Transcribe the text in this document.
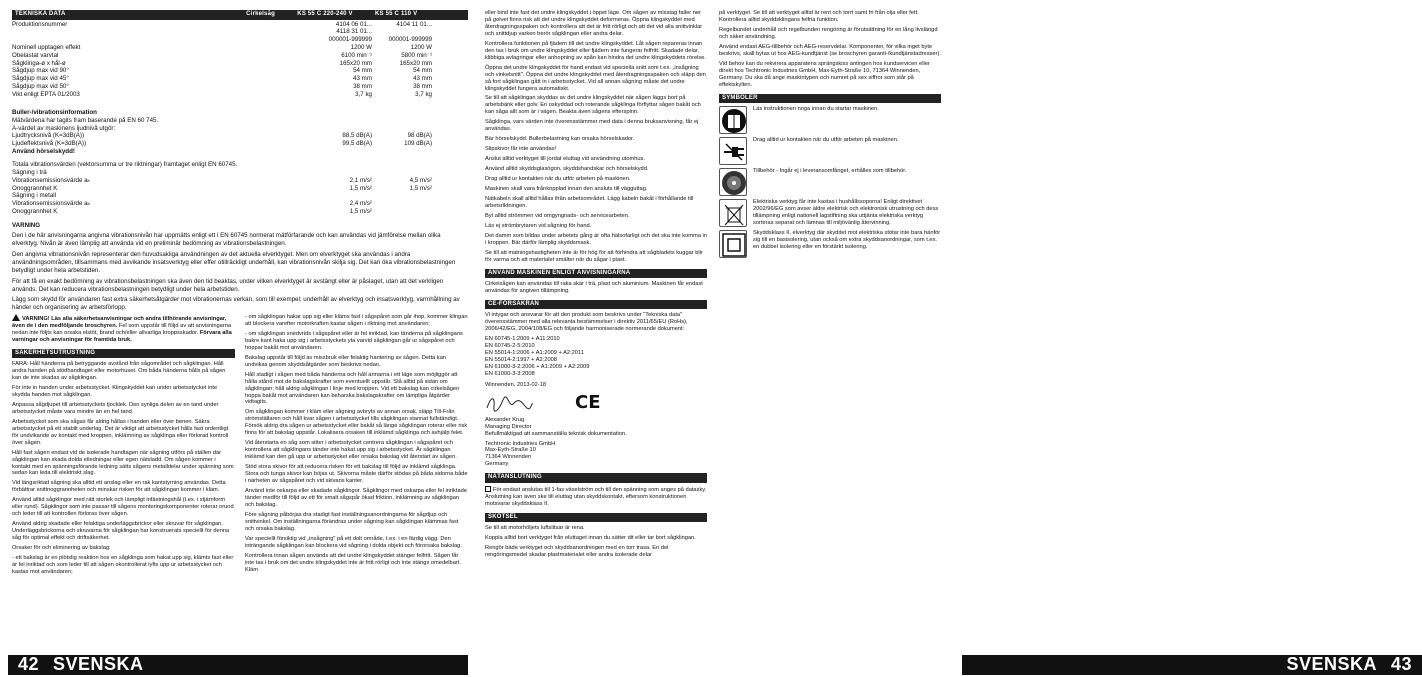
TEKNISKA DATA	Cirkelsåg	KS 55 C 220-240 V	KS 55 C 110 V
Produktionsnummer	4104 06 01...	4104 11 01...
4118 31 01...
000001-999999	000001-999999
Nominell upptagen effekt	1200 W	1200 W
Obelastat varvtal	6100 min⁻¹	5800 min⁻¹
Sågklinga-ø x hål-ø	165x20 mm	165x20 mm
Sågdjup max vid 90°	54 mm	54 mm
Sågdjup max vid 45°	43 mm	43 mm
Sågdjup max vid 50°	38 mm	38 mm
Vikt enligt EPTA 01/2003	3,7 kg	3,7 kg
Buller-/vibrationsinformation
Mätvärdena har tagits fram baserande på EN 60 745.
A-värdet av maskinens ljudnivå utgör:
Ljudtrycksnivå (K=3dB(A))	88,5 dB(A)	98 dB(A)
Ljudeffektsnivå (K=3dB(A))	99,5 dB(A)	109 dB(A)
Använd hörselskydd!
Totala vibrationsvärden (vektorsumma ur tre riktningar) framtaget enligt EN 60745.
Sägning i trä
Vibrationsemissionsvärde aₕ	2,1 m/s²	4,5 m/s²
Onoggrannhet K	1,5 m/s²	1,5 m/s²
Sägning i metall
Vibrationsemissionsvärde aₕ	2,4 m/s²
Onoggrannhet K	1,5 m/s²
VARNING

Den i de här anvisningarna angivna vibrationsnivån har uppmätts enligt ett i EN 60745 normerat mätförfarande och kan användas vid jämförelse mellan olika elverktyg. Nivån är även lämplig att använda vid en preliminär bedömning av vibrationsbelastningen.

Den angivna vibrationsnivån representerar den huvudsakliga användningen av det aktuella elverktyget. Men om elverktyget ska användas i andra användningsområden, tillsammans med avvikande insatsverktyg eller effer otillräckligt underhåll, kan vibrationsnivån skilja sig. Det kan öka vibrationsbelastningen betydligt under hela arbetstiden.

För att få en exakt bedömning av vibrationsbelastningen ska även den tid beaktas, under vilken elverktyget är avstängt eller är påslaget, utan att det verkligen används. Det kan reducera vibrationsbelastningen betydligt under hela arbetstiden.

Lägg som skydd för användaren fast extra säkerhetsåtgärder mot vibrationernas verkan, som till exempel: underhåll av elverktyg och insatsverktyg, varmhållning av händer och organisering av arbetsförlopp.

VARNING! Läs alla säkerhetsanvisningar och andra tillhörande anvisningar, även de i den medföljande broschyren. Fel som uppstår till följd av att anvisningarna nedan inte följts kan orsaka elstöt, brand och/eller allvarliga kroppsskador. Förvara alla varningar och anvisningar för framtida bruk.

SÄKERHETSUTRUSTNING

FARA: Håll händerna på betryggande avstånd från sågområdet och sågklingan. Håll andra handen på stödhandtaget eller motorhuset. Om båda händerna hålls på sågen kan de inte skadas av sågklingan.

För inte in handen under arbetsstycket. Klingskyddet kan under arbetsstycket inte skydda handen mot sågklingan.

Anpassa sågdjupet till arbetsstyckets tjocklek. Den synliga delen av en tand under arbetsstycket måste vara mindre än en hel tand.

Arbetsstycket som ska sågas får aldrig hållas i handen eller över benen. Säkra arbetsstycket på ett stabilt underlag. Det är viktigt att arbetsstycket hålls fast ordentligt för undvikande av kontakt med kroppen, inklämning av sågklinga eller förlorad kontroll över sågen.

Håll fast sågen endast vid de isolerade handtagen när sågning utförs på ställen där sågklingan kan skada dolda elledningar eller egen nätsladd. Om sågen kommer i kontakt med en spänningsförande ledning sätts sågens metalldelar under spänning som sedan kan leda till elektriskt slag.

Vid längsriktad sågning ska alltid ett anslag eller en rak kantstyrning användas. Detta förbättrar snittnoggrannheten och minskar risken för att sågklingan kommer i kläm.

Använd alltid sågklingor med rätt storlek och lämpligt infästningshål (t.ex. i stjärnform eller rund). Sågklingor som inte passar till sågens monteringskomponenter roterar orund och leder till att kontrollen förloras över sågen.

Använd aldrig skadade eller felaktiga underläggsbrickor eller skruvar för sågklingan. Underläggsbrickorna och skruvarna för sågklingan har konstruerats speciellt för denna såg för optimal effekt och driftsäkerhet.

Orsaker för och eliminering av bakslag:

- ett bakslag är en plötslig reaktion hos en sågklinga som hakat upp sig, klämts fast eller är fel inriktad och som leder till att sågen okontrollerat lyfts upp ur arbetsstycket och kastas mot användaren;

- om sågklingan hakar upp sig eller kläms fast i sågspåret som går ihop, kommer klingan att blockera varefter motorkraften kastar sågen i riktning mot användaren;

- om sågklingan snedvrids i sågspåret eller är fel inriktad, kan tänderna på sågklingans bakre kant haka upp sig i arbetsstyckets yta varvid sågklingan går ur sågspåret och hoppar bakåt mot användaren.

Bakslag uppstår till följd av missbruk eller felaktig hantering av sågen. Detta kan undvikas genom skyddsåtgärder som beskrivs nedan.

Håll stadigt i sågen med båda händerna och håll armarna i ett läge som möjliggör att hålla stånd mot de bakslagskrafter som eventuellt uppstår. Stå alltid på sidan om sågklingan; håll aldrig sågklingan i linje med kroppen. Vid ett bakslag kan cirkelsågen hoppa bakåt mot användaren kan beharska bakslagskrafter om lämpliga åtgärder vidtagits.

Om sågklingan kommer i kläm eller sågning avbryts av annan orsak, släpp Till-Från strömställaren och håll kvar sågen i arbetsstycket tills sågklingan stannat fullständigt. Försök aldrig dra sågen ur arbetsstycket eller bakåt så länge sågklingan roterar eller risk finns för att bakslag uppstår. Lokalisera orsaken till inklämd sågklinga och avhjälp felet.

Vid återstarta en såg som sitter i arbetsstycket centrera sågklingan i sågspåret och kontrollera att sågklingans tänder inte hakat upp sig i arbetsstycket. Är sågklingan inklämd kan den gå upp ur arbetsstycket eller orsaka bakslag vid återstart av sågen.

Stöd stora skivor för att reducera risken för ett bakslag till följd av inklämd sågklinga. Stora och tunga skivor kan böjas ut. Skivorna måste därför stödas på båda sidorna både i närheten av sågspåret och vid skivans kanter.

Använd inte oskarpa eller skadade sågklingor. Sågklingor med oskarpa eller fel inriktade tänder medför till följd av ett för smalt sågspår ökad friktion, inklämning av sågklingan och bakslag.

Före sågning påbörjas dra stadigt fast inställningsanordningarna för sågdjup och snittvinkel. Om inställningarna förändras under sågning kan sågklingan klämmas fast och orsaka bakslag.

Var speciellt försiktig vid „insågning" på ett dolt område, t.ex. i en färdig vägg. Den inträngande sågklingan kan blockera vid sågning i dolda objekt och förorsaka bakslag.

Kontrollera innan sågen används att det undre klingskyddet stänger felfritt. Sågen får inte tas i bruk om det undre klingskyddet inte är fritt rörligt och inte stängs omedelbart. Kläm

42 SVENSKA

eller bind inte fast det undre klingskyddet i öppet läge. Om sågen av misstag faller ner på golvet finns risk att det undre klingskyddet deformeras. Öppna klingskyddet med återdragningsspaken och kontrollera att det är fritt rörligt och att det vid alla snittvinklar och snittdjup varken berör sågklingan eller andra delar.

Kontrollera funktionen på fjädern till det undre klingskyddet. Låt sågen repareras innan den tas i bruk om undre klingskyddet eller fjädern inte fungerar felfritt. Skadade delar, klibbiga avlagringar eller anhopning av spån kan hindra det undre klingskyddets rörelse.

Öppna det undre klingskyddet för hand endast vid speciella snitt som t.ex. „insågning och vinkelsnitt". Öppna det undre klingskyddet med återdragningsspaken och släpp den så fort sågklingan gått in i arbetsstycket. Vid all annan sågning måste det undre klingskyddet fungera automatiskt.

Se till att sågklingan skyddas av det undre klingskyddet när sågen läggs bort på arbetsbänk eller golv. En oskyddad och roterande sågklinga förflyttar sågen bakåt och kan såga allt som är i vägen. Beakta även sågens efterspinn.

Sågklinga, vars värden inte överensstämmer med data i denna bruksanvisning, får ej användas.

Bär hörselskydd. Bullerbelastning kan orsaka hörselskador.

Slipskivor får inte användas!

Anslut alltid verktyget till jordat eluttag vid användning utomhus.

Använd alltid skyddsglasögon, skyddshandskar och hörselskydd.

Drag alltid ur kontakten när du utför arbeten på maskinen.

Maskinen skall vara frånkopplad innan den ansluts till vägguttag.

Nätkabeln skall alltid hållas ifrån arbetsområdet. Lägg kabeln bakåt i förhållande till arbetsriktningen.

Byt alltid strömmen vid omgyngnads- och servicearbeten.

Läs ej strömbrytaren vid sågning för hand.

Det damm som bildas under arbetets gång är ofta hälsofarligt och det ska inte komma in i kroppen. Bär därför lämplig skyddsmask.

Se till att matningshastigheten inte är för hög för att förhindra att sågbladets kuggar blir för varma och att materialet smälter när du sågar i plast.

ANVÄND MASKINEN ENLIGT ANVISNINGARNA

Cirkelsågen kan användas till raka skär i trä, plast och aluminium. Maskinen får endast användas för angiven tillämpning.

CE-FÖRSÄKRAN

Vi intygar och ansvarar för att den produkt som beskrivs under "Tekniska data" överensstämmer med alla relevanta bestämmelser i direktiv 2011/65/EU (RoHs), 2006/42/EG, 2004/108/EG och följande harmoniserade normerande dokument:

EN 60745-1:2009 + A11:2010
EN 60745-2-5:2010
EN 55014-1:2006 + A1:2009 + A2:2011
EN 55014-2:1997 + A2:2008
EN 61000-3-2:2006 + A1:2009 + A2:2009
EN 61000-3-3:2008
Winnenden, 2013-02-18
CE
Alexander Krug
Managing Director

Befullmäktigad att sammanställa teknisk dokumentation.

Techtronic Industries GmbH
Max-Eyth-Straße 10
71364 Winnenden
Germany
NÄTANSLUTNING

För endast anslutas till 1-fas växelström och till den spänning som anges på datasky. Anslutning kan även ske till eluttag utan skyddskontakt, eftersom konstruktionen motsvarar skyddsklass II.

SKÖTSEL

Se till att motorhöljets luftslitsar är rena.

Koppla alltid bort verktyget från eluttaget innan du sätter dit eller tar bort sågklingan.

Rengör bäde verktyget och skyddsanordningen med en torr trasa. En del rengöringsmedel skadar plastmaterialet eller andra isolerade delar

på verktyget. Se till att verktyget alltid är rent och torrt samt fri från olja eller fett. Kontrollera alltid skyddsklingans felfria funktion.

Regelbundet underhåll och regelbunden rengöring är förutsättning för en lång livslängd och säker användning.

Använd endast AEG-tillbehör och AEG-reservdelar. Komponenter, för vilka inget byte beskrivs, skall bytas ut hos AEG-kundtjänst (se broschyren garanti-/kundtjänstadresser).

Vid behov kan du rekvirera apparatens sprängskiss antingen hos kundservicen eller direkt hos Techtronic Industries GmbH, Max-Eyth-Straße 10, 71364 Winnenden, Germany. Du ska då ange maskintypen och numret på sex siffror som står på effektskylten.

SYMBOLER
Läs instruktionen noga innan du startar maskinen.
Drag alltid ur kontakten när du utför arbeten på maskinen.
Tillbehör - Ingår ej i leveransomfånget, erhålles som tillbehör.
Elektriska verktyg får inte kastas i hushållssoporna! Enligt direktivet 2002/96/EG som avser äldre elektrisk och elektronisk utrustning och dess tillämpning enligt nationell lagstiftning ska uttjänta elektriska verktyg sorteras separat och lämnas till miljövänlig återvinning.
Skyddsklass II, elverktyg där skyddet mot elektriska stötar inte bara hänför sig till en basisolering, utan också om extra skyddsanordningar, som t.ex. en dubbel isolering eller en förstärkt isolering.
SVENSKA 43
